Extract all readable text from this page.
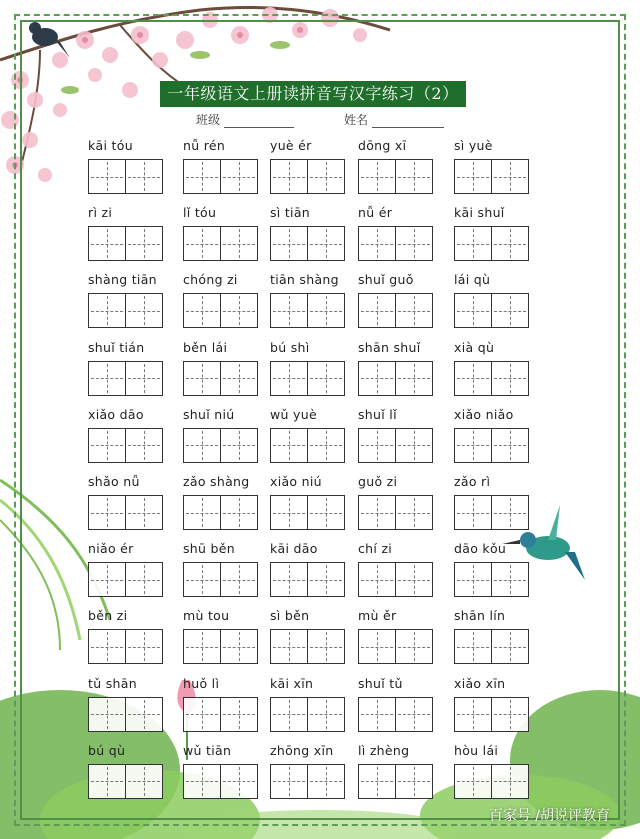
一年级语文上册读拼音写汉字练习（2）
班级	姓名
kāi tóu	nǚ rén	yuè ér	dōng xī	sì yuè
rì zi	lǐ tóu	sì tiān	nǚ ér	kāi shuǐ
shàng tiān	chóng zi	tiān shàng	shuǐ guǒ	lái qù
shuǐ tián	běn lái	bú shì	shān shuǐ	xià qù
xiǎo dāo	shuǐ niú	wǔ yuè	shuǐ lǐ	xiǎo niǎo
shǎo nǚ	zǎo shàng	xiǎo niú	guǒ zi	zǎo rì
niǎo ér	shū běn	kāi dāo	chí zi	dāo kǒu
běn zi	mù tou	sì běn	mù ěr	shān lín
tǔ shān	huǒ lì	kāi xīn	shuǐ tǔ	xiǎo xīn
bú qù	wǔ tiān	zhōng xīn	lì zhèng	hòu lái
百家号 /胡说评教育
